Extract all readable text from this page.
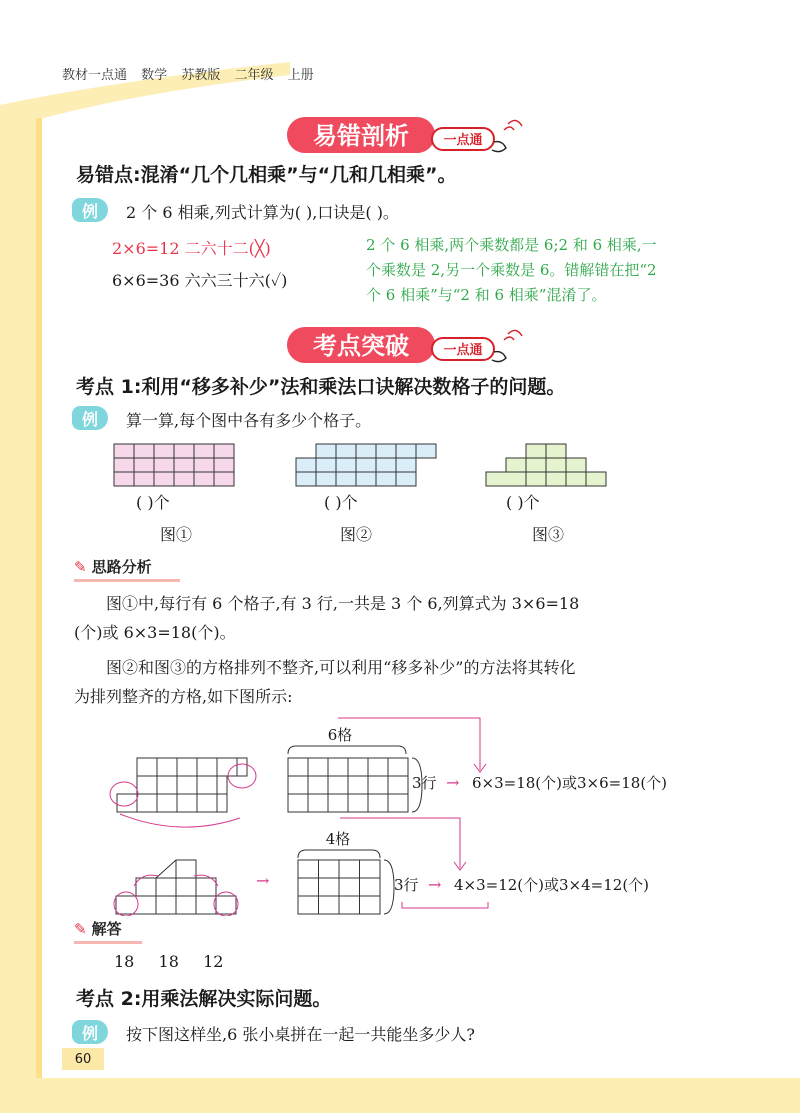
教材一点通 数学 苏教版 二年级 上册
易错剖析	一点通
易错点:混淆“几个几相乘”与“几和几相乘”。
例	2 个 6 相乘,列式计算为( ),口诀是( )。
2×6=12 二六十二(╳)
6×6=36 六六三十六(✓)
2 个 6 相乘,两个乘数都是 6;2 和 6 相乘,一
个乘数是 2,另一个乘数是 6。错解错在把“2
个 6 相乘”与“2 和 6 相乘”混淆了。
考点突破	一点通
考点 1:利用“移多补少”法和乘法口诀解决数格子的问题。
例	算一算,每个图中各有多少个格子。
( )个	( )个	( )个
图①	图②	图③
✎ 思路分析
图①中,每行有 6 个格子,有 3 行,一共是 3 个 6,列算式为 3×6=18
(个)或 6×3=18(个)。
图②和图③的方格排列不整齐,可以利用“移多补少”的方法将其转化
为排列整齐的方格,如下图所示:
6格
3行 → 6×3=18(个)或3×6=18(个)
4格
→	3行 → 4×3=12(个)或3×4=12(个)
✎ 解答
18 18 12
考点 2:用乘法解决实际问题。
例	按下图这样坐,6 张小桌拼在一起一共能坐多少人?
60
